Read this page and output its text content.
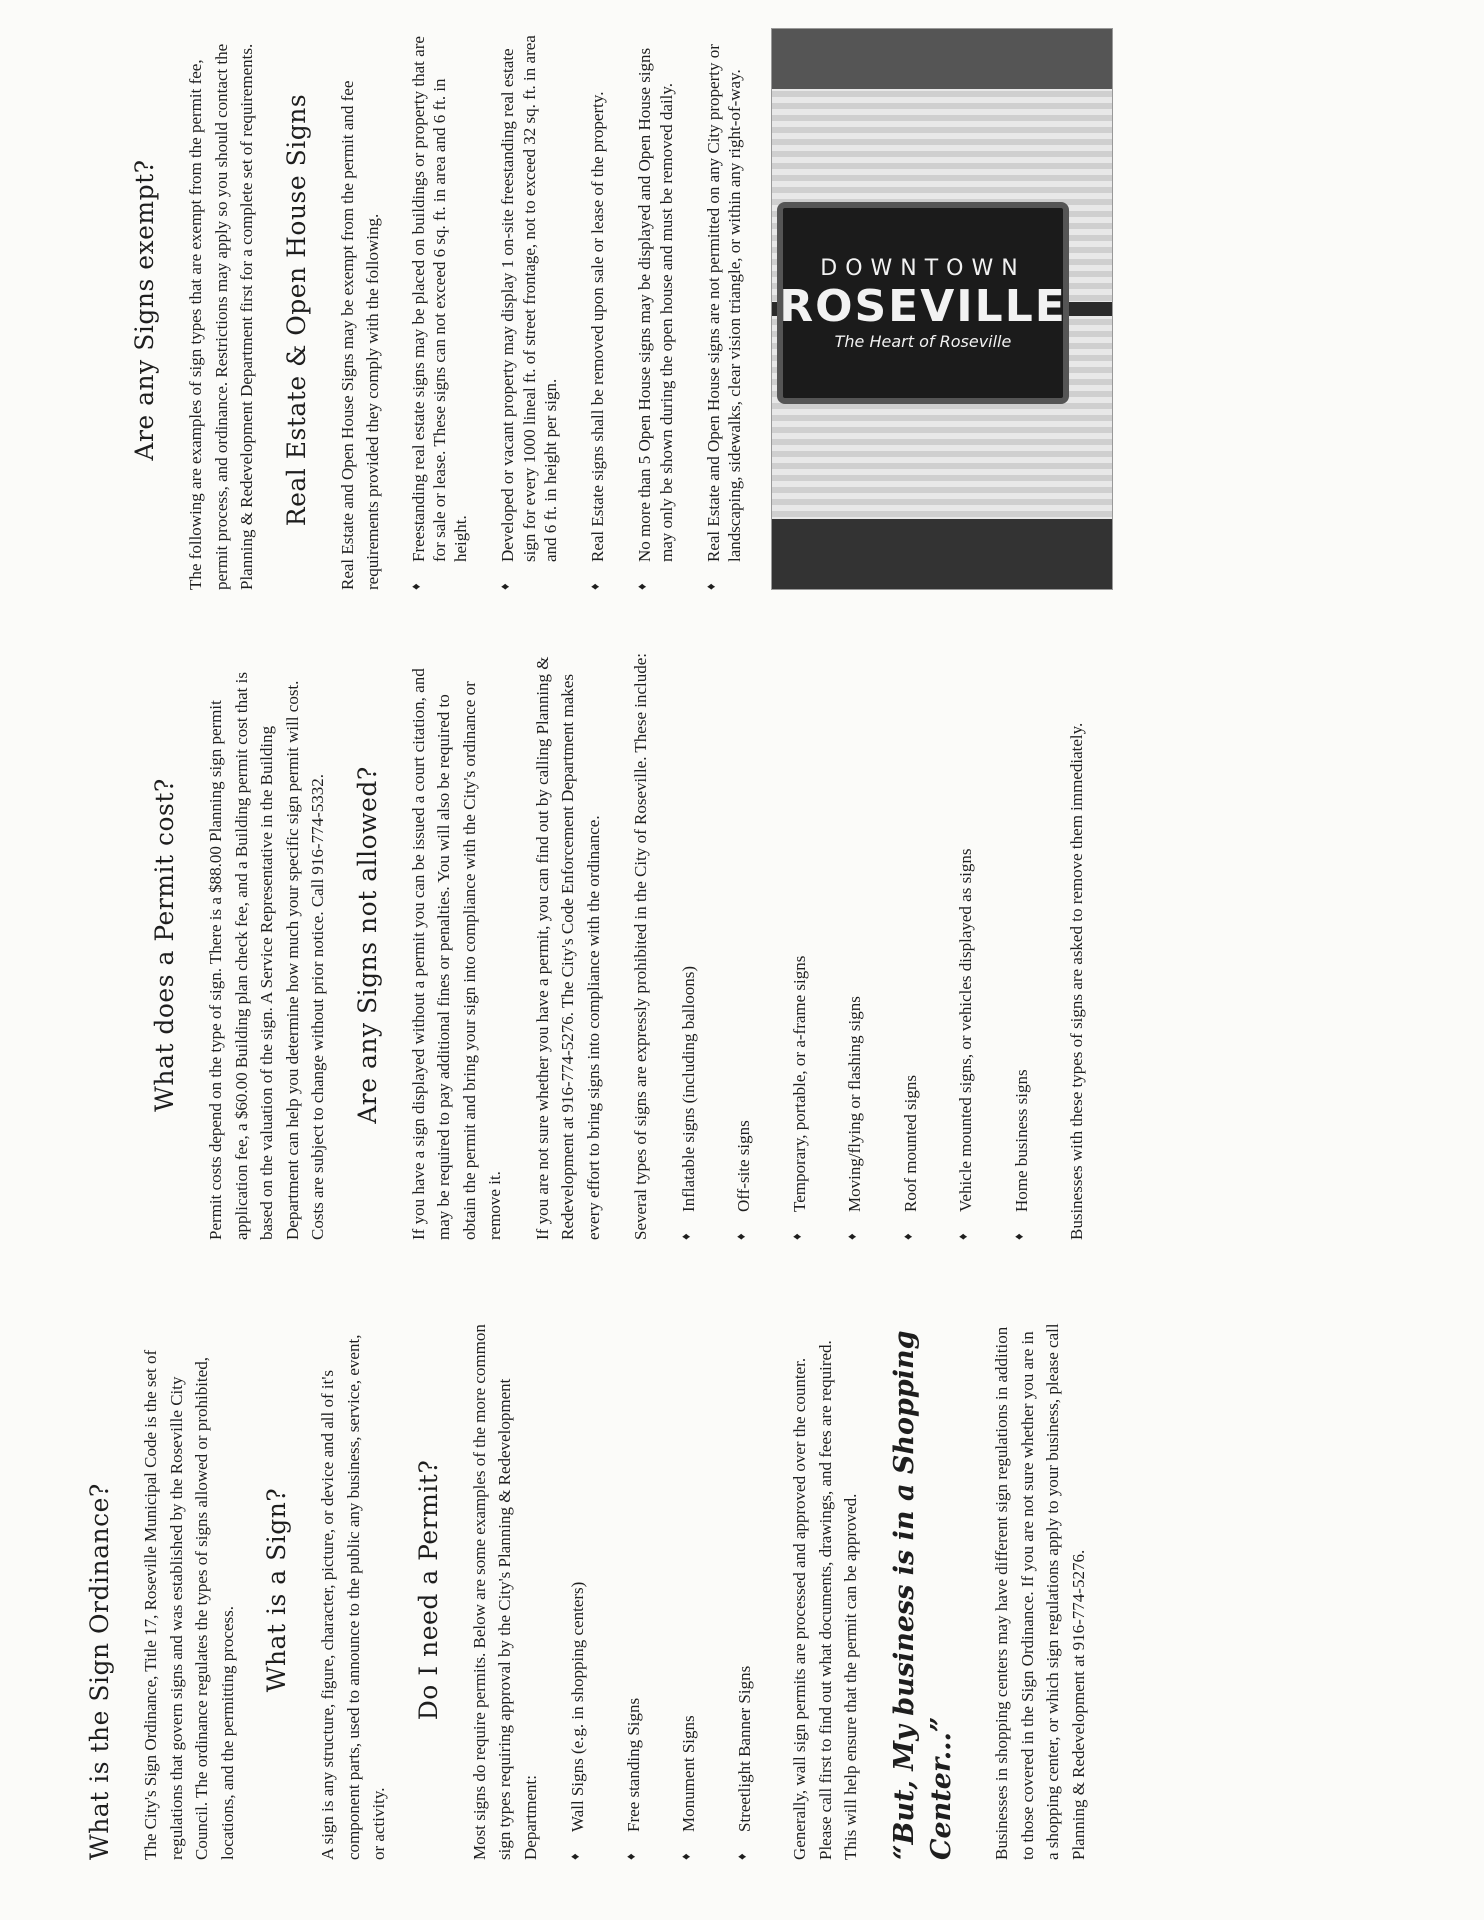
What is the Sign Ordinance? The City's Sign Ordinance, Title 17, Roseville Municipal Code is the set of regulations that govern signs and was established by the Roseville City Council. The ordinance regulates the types of signs allowed or prohibited, locations, and the permitting process.

What is a Sign? A sign is any structure, figure, character, picture, or device and all of it's component parts, used to announce to the public any business, service, event, or activity.

Do I need a Permit? Most signs do require permits. Below are some examples of the more common sign types requiring approval by the City's Planning & Redevelopment Department: ♦ Wall Signs (e.g. in shopping centers) ♦ Free standing Signs ♦ Monument Signs ♦ Streetlight Banner Signs Generally, wall sign permits are processed and approved over the counter. Please call first to find out what documents, drawings, and fees are required. This will help ensure that the permit can be approved. “But, My business is in a Shopping Center...” Businesses in shopping centers may have different sign regulations in addition to those covered in the Sign Ordinance. If you are not sure whether you are in a shopping center, or which sign regulations apply to your business, please call Planning & Redevelopment at 916-774-5276.

What does a Permit cost? Permit costs depend on the type of sign. There is a $88.00 Planning sign permit application fee, a $60.00 Building plan check fee, and a Building permit cost that is based on the valuation of the sign. A Service Representative in the Building Department can help you determine how much your specific sign permit will cost. Costs are subject to change without prior notice. Call 916-774-5332. Are any Signs not allowed? If you have a sign displayed without a permit you can be issued a court citation, and may be required to pay additional fines or penalties. You will also be required to obtain the permit and bring your sign into compliance with the City's ordinance or remove it. If you are not sure whether you have a permit, you can find out by calling Planning & Redevelopment at 916-774-5276. The City's Code Enforcement Department makes every effort to bring signs into compliance with the ordinance. Several types of signs are expressly prohibited in the City of Roseville. These include: ♦ Inflatable signs (including balloons) ♦ Off-site signs ♦ Temporary, portable, or a-frame signs ♦ Moving/flying or flashing signs ♦ Roof mounted signs ♦ Vehicle mounted signs, or vehicles displayed as signs ♦ Home business signs Businesses with these types of signs are asked to remove them immediately.

Are any Signs exempt? The following are examples of sign types that are exempt from the permit fee, permit process, and ordinance. Restrictions may apply so you should contact the Planning & Redevelopment Department first for a complete set of requirements. Real Estate & Open House Signs Real Estate and Open House Signs may be exempt from the permit and fee requirements provided they comply with the following. ♦ Freestanding real estate signs may be placed on buildings or property that are for sale or lease. These signs can not exceed 6 sq. ft. in area and 6 ft. in height. ♦ Developed or vacant property may display 1 on-site freestanding real estate sign for every 1000 lineal ft. of street frontage, not to exceed 32 sq. ft. in area and 6 ft. in height per sign. ♦ Real Estate signs shall be removed upon sale or lease of the property. ♦ No more than 5 Open House signs may be displayed and Open House signs may only be shown during the open house and must be removed daily. ♦ Real Estate and Open House signs are not permitted on any City property or landscaping, sidewalks, clear vision triangle, or within any right-of-way.	DOWNTOWN
ROSEVILLE
The Heart of Roseville
